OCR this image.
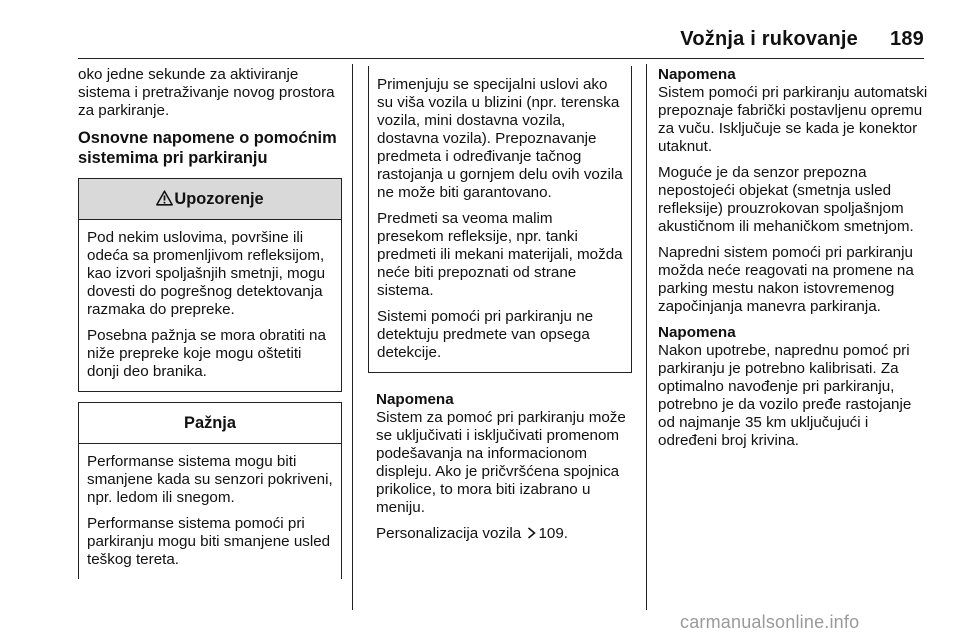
Vožnja i rukovanje 189

oko jedne sekunde za aktiviranje sistema i pretraživanje novog prostora za parkiranje.

Osnovne napomene o pomoćnim sistemima pri parkiranju
Upozorenje

Pod nekim uslovima, površine ili odeća sa promenljivom refleksijom, kao izvori spoljašnjih smetnji, mogu dovesti do pogrešnog detektovanja razmaka do prepreke.

Posebna pažnja se mora obratiti na niže prepreke koje mogu oštetiti donji deo branika.

Pažnja

Performanse sistema mogu biti smanjene kada su senzori pokriveni, npr. ledom ili snegom.

Performanse sistema pomoći pri parkiranju mogu biti smanjene usled teškog tereta.

Primenjuju se specijalni uslovi ako su viša vozila u blizini (npr. terenska vozila, mini dostavna vozila, dostavna vozila). Prepoznavanje predmeta i određivanje tačnog rastojanja u gornjem delu ovih vozila ne može biti garantovano.

Predmeti sa veoma malim presekom refleksije, npr. tanki predmeti ili mekani materijali, možda neće biti prepoznati od strane sistema.

Sistemi pomoći pri parkiranju ne detektuju predmete van opsega detekcije.

Napomena
Sistem za pomoć pri parkiranju može se uključivati i isključivati promenom podešavanja na informacionom displeju. Ako je pričvršćena spojnica prikolice, to mora biti izabrano u meniju.

Personalizacija vozila 109.

Napomena
Sistem pomoći pri parkiranju automatski prepoznaje fabrički postavljenu opremu za vuču. Isključuje se kada je konektor utaknut.

Moguće je da senzor prepozna nepostojeći objekat (smetnja usled refleksije) prouzrokovan spoljašnjom akustičnom ili mehaničkom smetnjom.

Napredni sistem pomoći pri parkiranju možda neće reagovati na promene na parking mestu nakon istovremenog započinjanja manevra parkiranja.

Napomena
Nakon upotrebe, naprednu pomoć pri parkiranju je potrebno kalibrisati. Za optimalno navođenje pri parkiranju, potrebno je da vozilo pređe rastojanje od najmanje 35 km uključujući i određeni broj krivina.

carmanualsonline.info
